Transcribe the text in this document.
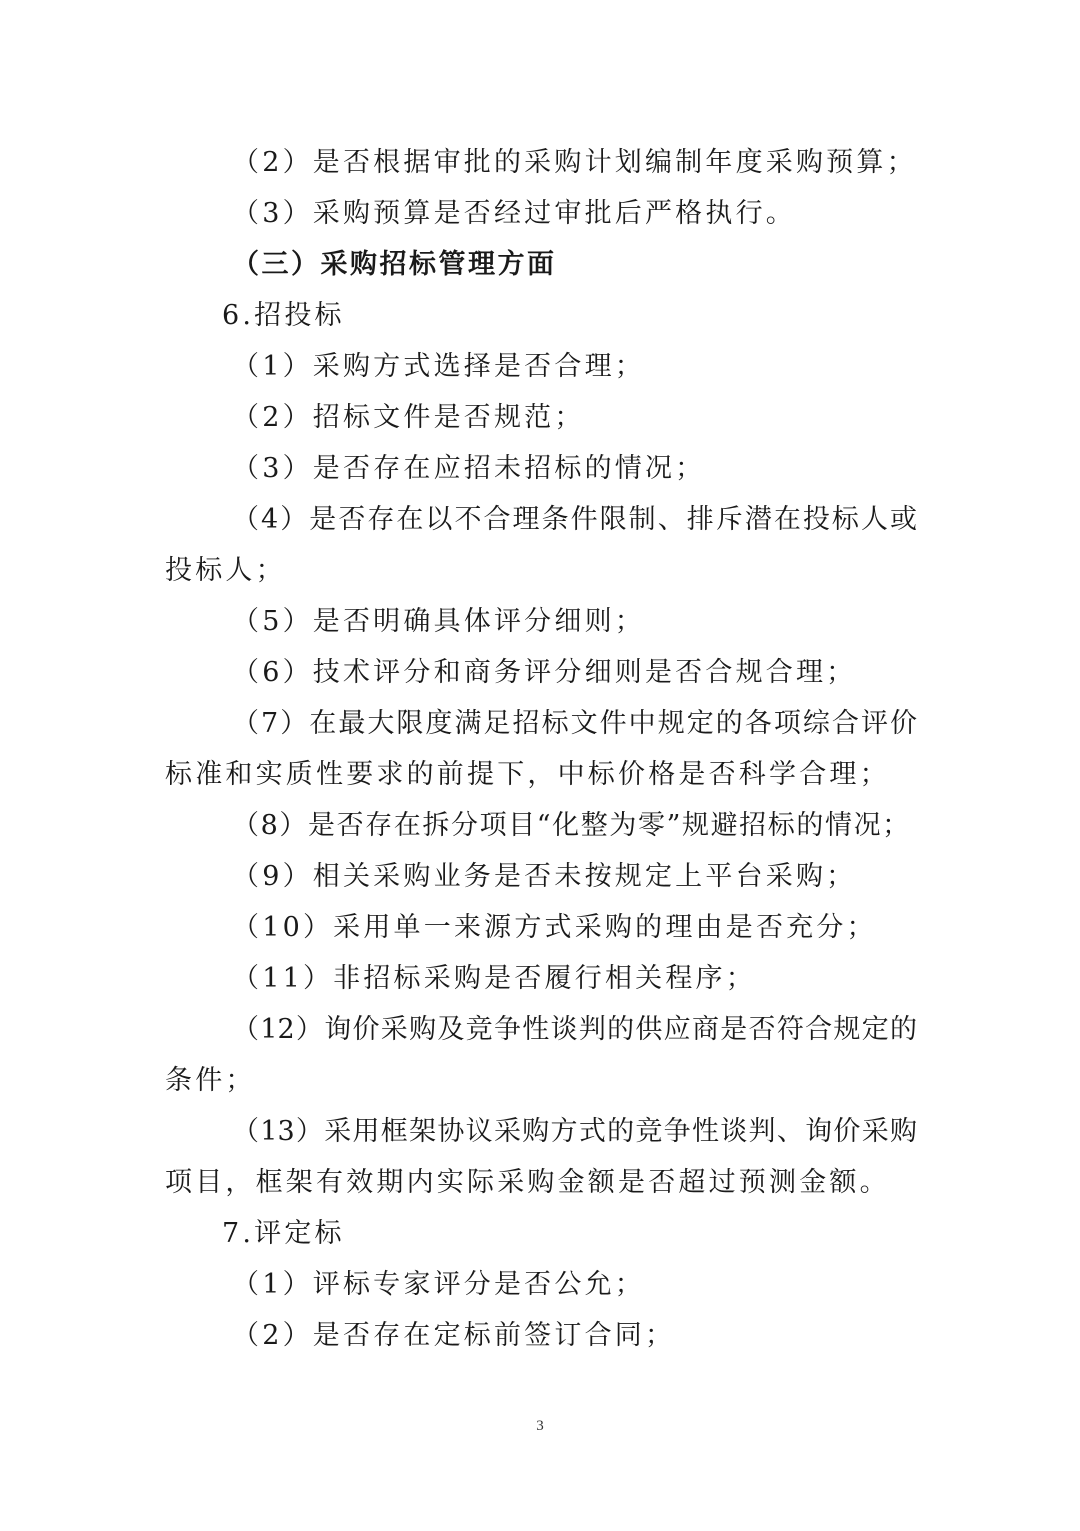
（2）是否根据审批的采购计划编制年度采购预算；
（3）采购预算是否经过审批后严格执行。
（三）采购招标管理方面
6.招投标
（1）采购方式选择是否合理；
（2）招标文件是否规范；
（3）是否存在应招未招标的情况；
（4）是否存在以不合理条件限制、排斥潜在投标人或
投标人；
（5）是否明确具体评分细则；
（6）技术评分和商务评分细则是否合规合理；
（7）在最大限度满足招标文件中规定的各项综合评价
标准和实质性要求的前提下，中标价格是否科学合理；
（8）是否存在拆分项目“化整为零”规避招标的情况；
（9）相关采购业务是否未按规定上平台采购；
（10）采用单一来源方式采购的理由是否充分；
（11）非招标采购是否履行相关程序；
（12）询价采购及竞争性谈判的供应商是否符合规定的
条件；
（13）采用框架协议采购方式的竞争性谈判、询价采购
项目，框架有效期内实际采购金额是否超过预测金额。
7.评定标
（1）评标专家评分是否公允；
（2）是否存在定标前签订合同；
3
